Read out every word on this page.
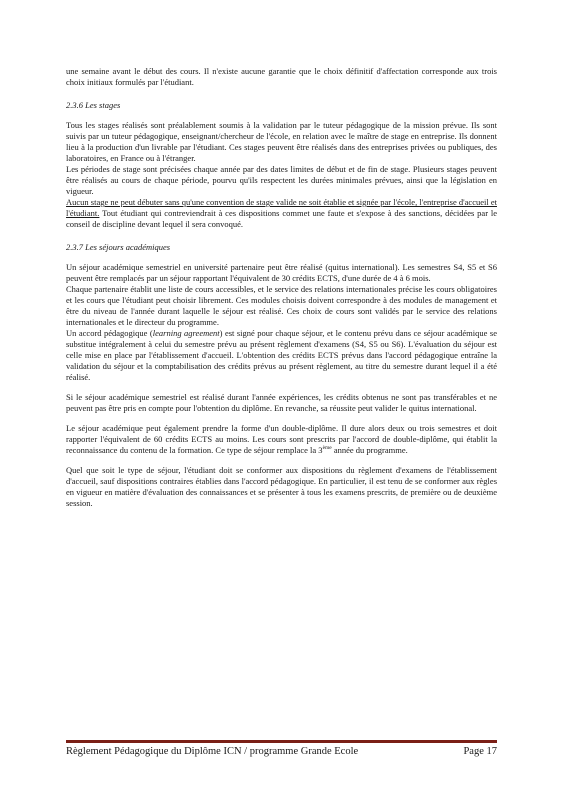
une semaine avant le début des cours. Il n'existe aucune garantie que le choix définitif d'affectation corresponde aux trois choix initiaux formulés par l'étudiant.

2.3.6 Les stages

Tous les stages réalisés sont préalablement soumis à la validation par le tuteur pédagogique de la mission prévue. Ils sont suivis par un tuteur pédagogique, enseignant/chercheur de l'école, en relation avec le maître de stage en entreprise. Ils donnent lieu à la production d'un livrable par l'étudiant. Ces stages peuvent être réalisés dans des entreprises privées ou publiques, des laboratoires, en France ou à l'étranger.

Les périodes de stage sont précisées chaque année par des dates limites de début et de fin de stage. Plusieurs stages peuvent être réalisés au cours de chaque période, pourvu qu'ils respectent les durées minimales prévues, ainsi que la législation en vigueur.

Aucun stage ne peut débuter sans qu'une convention de stage valide ne soit établie et signée par l'école, l'entreprise d'accueil et l'étudiant. Tout étudiant qui contreviendrait à ces dispositions commet une faute et s'expose à des sanctions, décidées par le conseil de discipline devant lequel il sera convoqué.

2.3.7 Les séjours académiques

Un séjour académique semestriel en université partenaire peut être réalisé (quitus international). Les semestres S4, S5 et S6 peuvent être remplacés par un séjour rapportant l'équivalent de 30 crédits ECTS, d'une durée de 4 à 6 mois.

Chaque partenaire établit une liste de cours accessibles, et le service des relations internationales précise les cours obligatoires et les cours que l'étudiant peut choisir librement. Ces modules choisis doivent correspondre à des modules de management et être du niveau de l'année durant laquelle le séjour est réalisé. Ces choix de cours sont validés par le service des relations internationales et le directeur du programme.

Un accord pédagogique (learning agreement) est signé pour chaque séjour, et le contenu prévu dans ce séjour académique se substitue intégralement à celui du semestre prévu au présent règlement d'examens (S4, S5 ou S6). L'évaluation du séjour est celle mise en place par l'établissement d'accueil. L'obtention des crédits ECTS prévus dans l'accord pédagogique entraîne la validation du séjour et la comptabilisation des crédits prévus au présent règlement, au titre du semestre durant lequel il a été réalisé.

Si le séjour académique semestriel est réalisé durant l'année expériences, les crédits obtenus ne sont pas transférables et ne peuvent pas être pris en compte pour l'obtention du diplôme. En revanche, sa réussite peut valider le quitus international.

Le séjour académique peut également prendre la forme d'un double-diplôme. Il dure alors deux ou trois semestres et doit rapporter l'équivalent de 60 crédits ECTS au moins. Les cours sont prescrits par l'accord de double-diplôme, qui établit la reconnaissance du contenu de la formation. Ce type de séjour remplace la 3ème année du programme.

Quel que soit le type de séjour, l'étudiant doit se conformer aux dispositions du règlement d'examens de l'établissement d'accueil, sauf dispositions contraires établies dans l'accord pédagogique. En particulier, il est tenu de se conformer aux règles en vigueur en matière d'évaluation des connaissances et se présenter à tous les examens prescrits, de première ou de deuxième session.

Règlement Pédagogique du Diplôme ICN / programme Grande Ecole	Page 17
